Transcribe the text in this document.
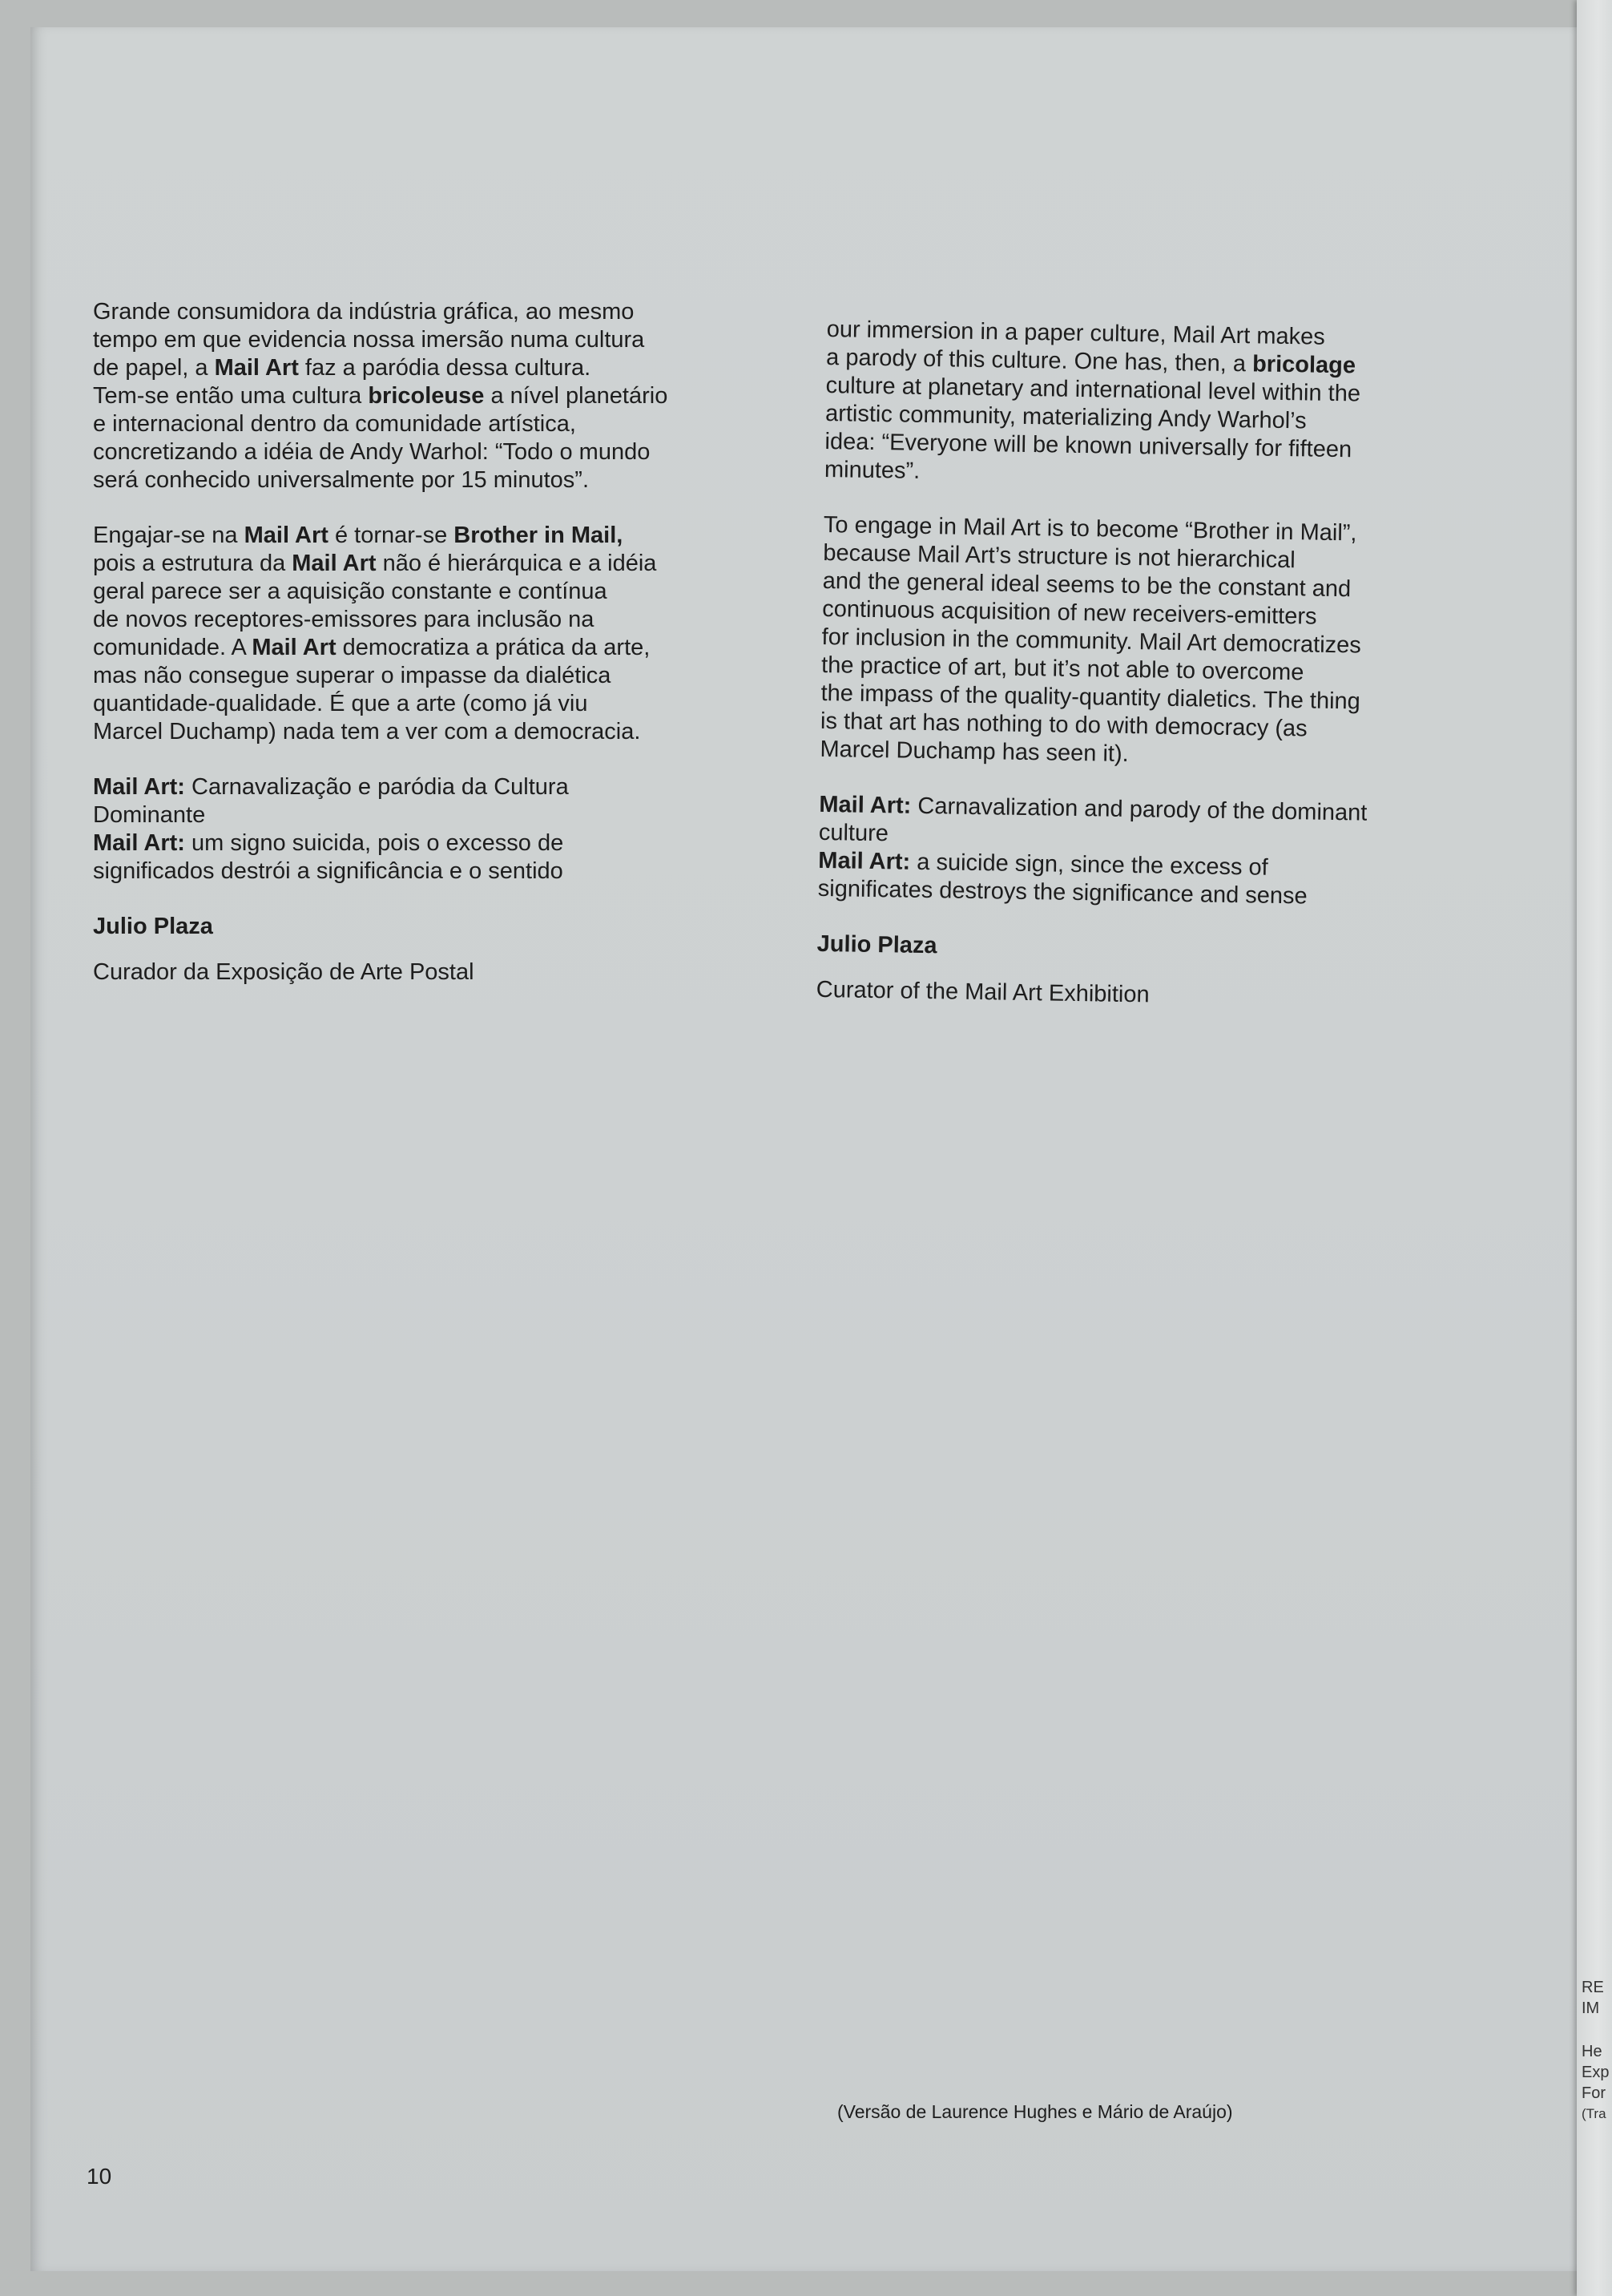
RE
IM
He
Exp
For
(Tra
Grande consumidora da indústria gráfica, ao mesmo
tempo em que evidencia nossa imersão numa cultura
de papel, a Mail Art faz a paródia dessa cultura.
Tem-se então uma cultura bricoleuse a nível planetário
e internacional dentro da comunidade artística,
concretizando a idéia de Andy Warhol: “Todo o mundo
será conhecido universalmente por 15 minutos”.
Engajar-se na Mail Art é tornar-se Brother in Mail,
pois a estrutura da Mail Art não é hierárquica e a idéia
geral parece ser a aquisição constante e contínua
de novos receptores-emissores para inclusão na
comunidade. A Mail Art democratiza a prática da arte,
mas não consegue superar o impasse da dialética
quantidade-qualidade. É que a arte (como já viu
Marcel Duchamp) nada tem a ver com a democracia.
Mail Art: Carnavalização e paródia da Cultura
Dominante
Mail Art: um signo suicida, pois o excesso de
significados destrói a significância e o sentido
Julio Plaza
Curador da Exposição de Arte Postal
our immersion in a paper culture, Mail Art makes
a parody of this culture. One has, then, a bricolage
culture at planetary and international level within the
artistic community, materializing Andy Warhol’s
idea: “Everyone will be known universally for fifteen
minutes”.
To engage in Mail Art is to become “Brother in Mail”,
because Mail Art’s structure is not hierarchical
and the general ideal seems to be the constant and
continuous acquisition of new receivers-emitters
for inclusion in the community. Mail Art democratizes
the practice of art, but it’s not able to overcome
the impass of the quality-quantity dialetics. The thing
is that art has nothing to do with democracy (as
Marcel Duchamp has seen it).
Mail Art: Carnavalization and parody of the dominant
culture
Mail Art: a suicide sign, since the excess of
significates destroys the significance and sense
Julio Plaza
Curator of the Mail Art Exhibition
(Versão de Laurence Hughes e Mário de Araújo)
10
